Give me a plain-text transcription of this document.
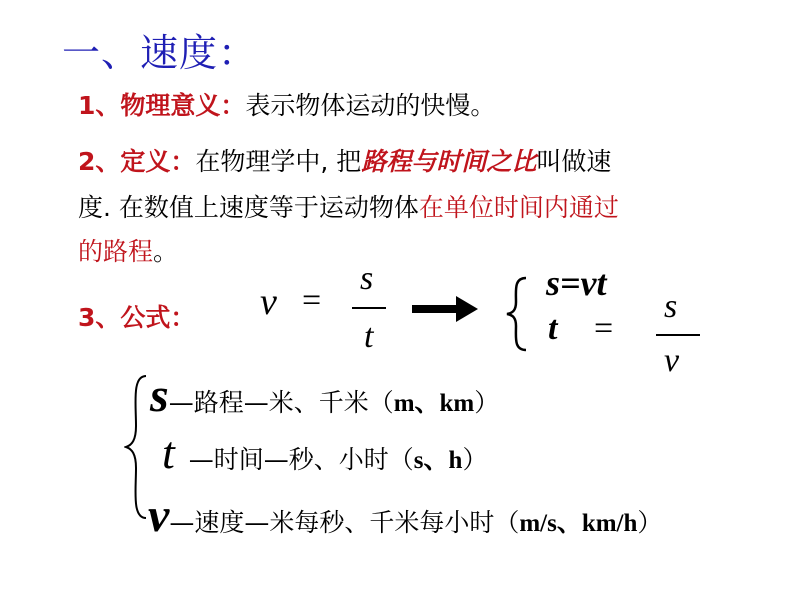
一、速度：
1、物理意义：表示物体运动的快慢。
2、定义：在物理学中, 把路程与时间之比叫做速
度. 在数值上速度等于运动物体在单位时间内通过
的路程。
3、公式： v =
s
t
s=vt
t =
s
v
s—路程—米、千米（m、km）
t —时间—秒、小时（s、h）
v—速度—米每秒、千米每小时（m/s、km/h）
